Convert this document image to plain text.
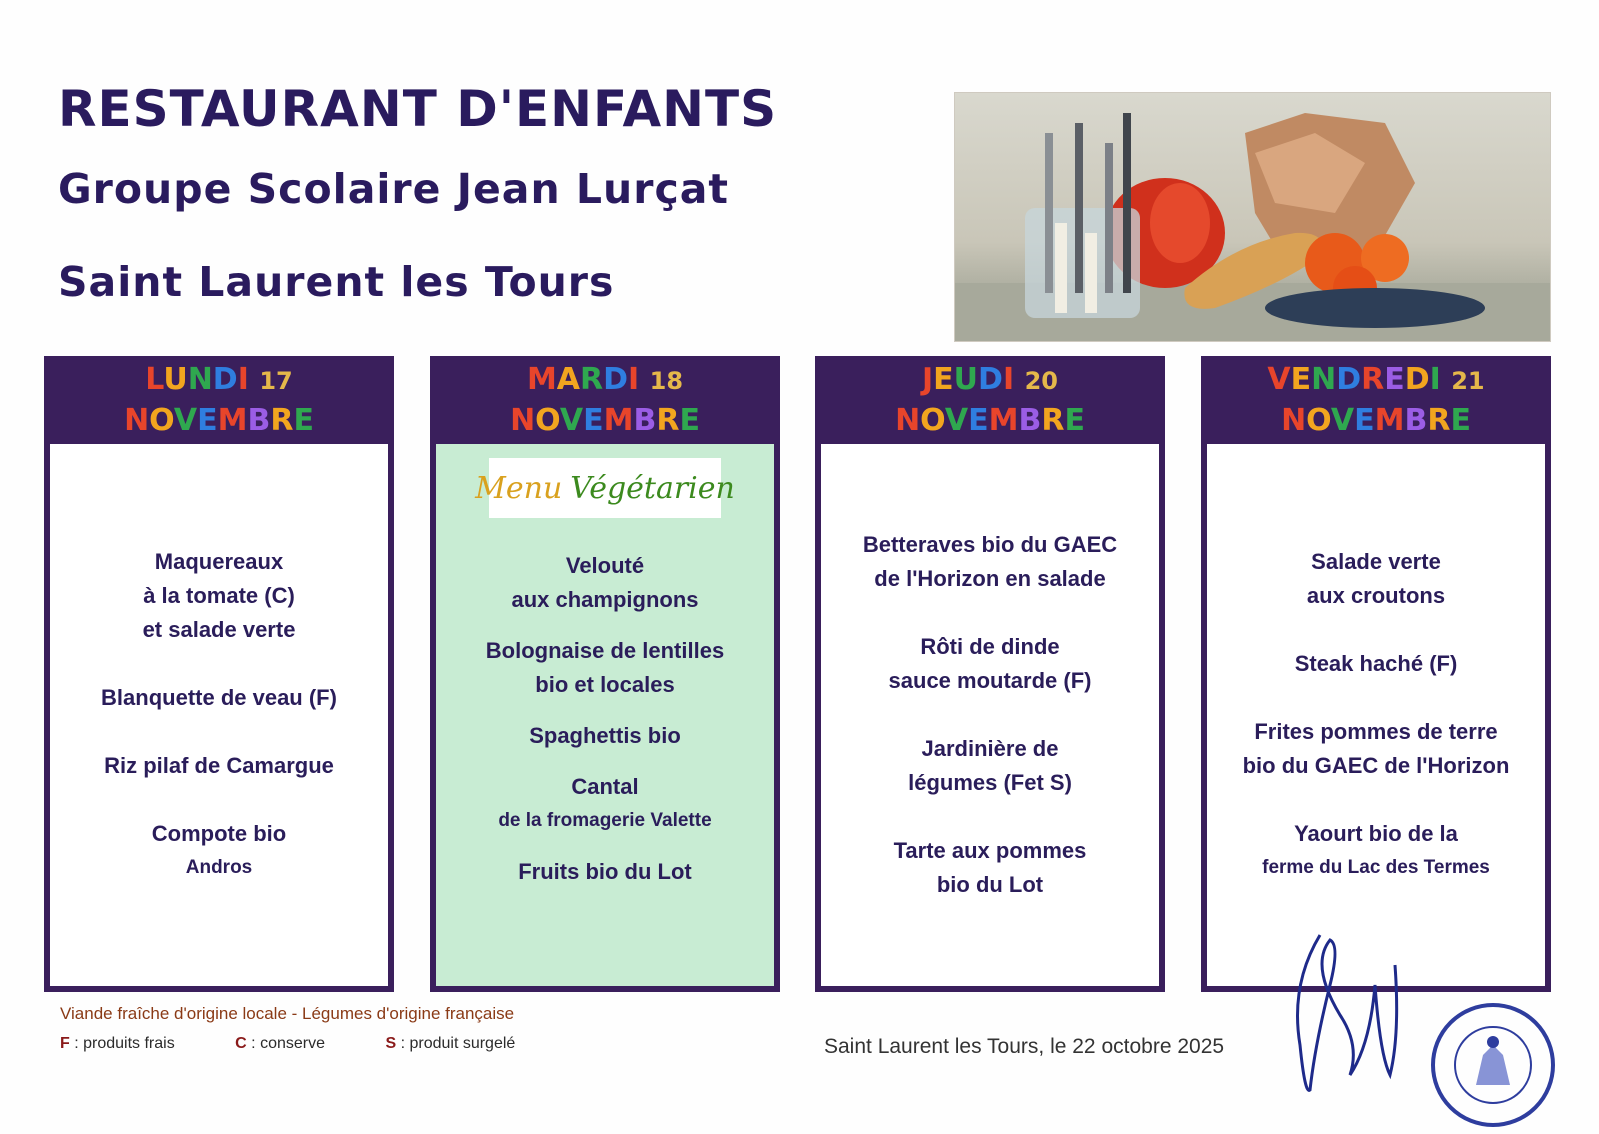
RESTAURANT D'ENFANTS
Groupe Scolaire Jean Lurçat
Saint Laurent les Tours
LUNDI 17
NOVEMBRE
Maquereaux
à la tomate (C)
et salade verte
Blanquette de veau (F)
Riz pilaf de Camargue
Compote bio
Andros
MARDI 18
NOVEMBRE
Menu Végétarien
Velouté
aux champignons
Bolognaise de lentilles
bio et locales
Spaghettis bio
Cantal
de la fromagerie Valette
Fruits bio du Lot
JEUDI 20
NOVEMBRE
Betteraves bio du GAEC
de l'Horizon en salade
Rôti de dinde
sauce moutarde (F)
Jardinière de
légumes (Fet S)
Tarte aux pommes
bio du Lot
VENDREDI 21
NOVEMBRE
Salade verte
aux croutons
Steak haché (F)
Frites pommes de terre
bio du GAEC de l'Horizon
Yaourt bio de la
ferme du Lac des Termes
Viande fraîche d'origine locale - Légumes d'origine française
F : produits frais	C : conserve	S : produit surgelé	Saint Laurent les Tours, le 22 octobre 2025
